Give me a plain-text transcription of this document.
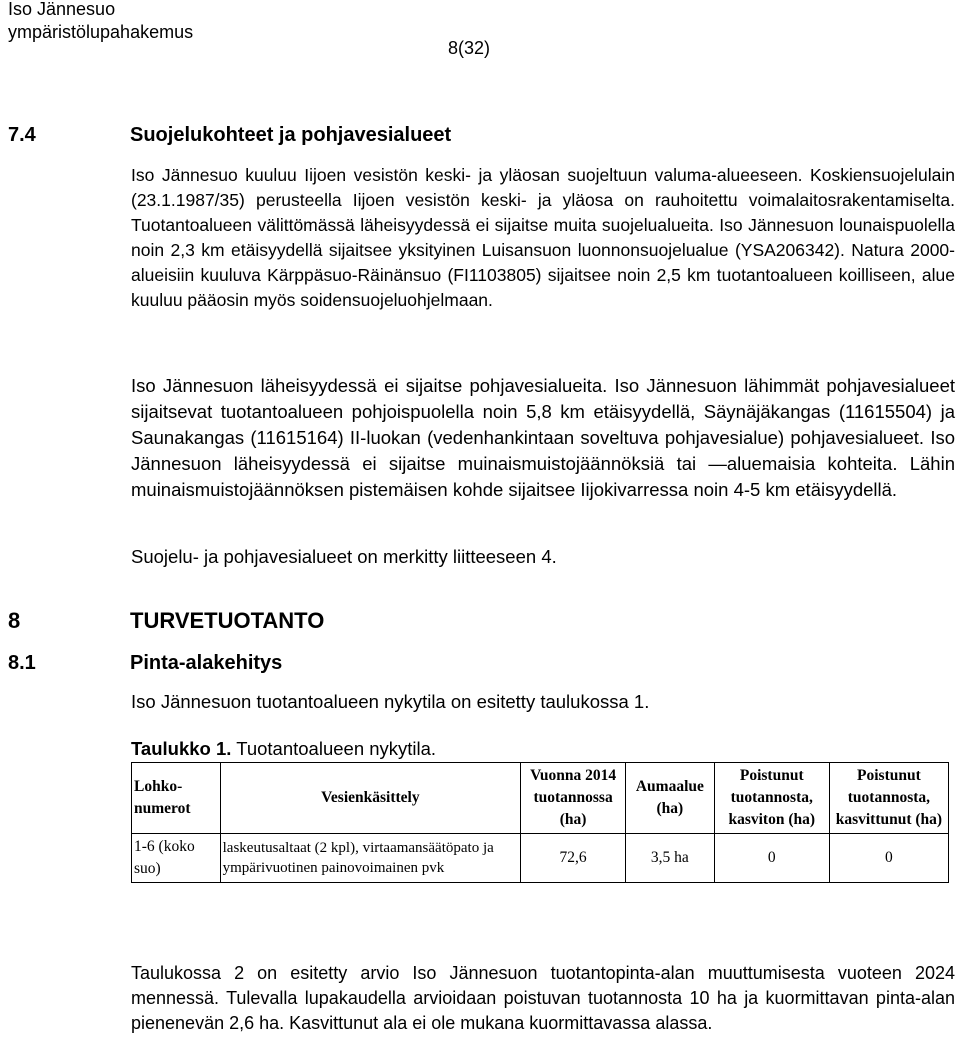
Iso Jännesuo
ympäristölupahakemus
8(32)
7.4	Suojelukohteet ja pohjavesialueet

Iso Jännesuo kuuluu Iijoen vesistön keski- ja yläosan suojeltuun valuma-alueeseen. Koskiensuojelulain (23.1.1987/35) perusteella Iijoen vesistön keski- ja yläosa on rauhoitettu voimalaitosrakentamiselta. Tuotantoalueen välittömässä läheisyydessä ei sijaitse muita suojelualueita. Iso Jännesuon lounaispuolella noin 2,3 km etäisyydellä sijaitsee yksityinen Luisansuon luonnonsuojelualue (YSA206342). Natura 2000-alueisiin kuuluva Kärppäsuo-Räinänsuo (FI1103805) sijaitsee noin 2,5 km tuotantoalueen koilliseen, alue kuuluu pääosin myös soidensuojeluohjelmaan.

Iso Jännesuon läheisyydessä ei sijaitse pohjavesialueita. Iso Jännesuon lähimmät pohjavesialueet sijaitsevat tuotantoalueen pohjoispuolella noin 5,8 km etäisyydellä, Säynäjäkangas (11615504) ja Saunakangas (11615164) II-luokan (vedenhankintaan soveltuva pohjavesialue) pohjavesialueet. Iso Jännesuon läheisyydessä ei sijaitse muinaismuistojäännöksiä tai —aluemaisia kohteita. Lähin muinaismuistojäännöksen pistemäisen kohde sijaitsee Iijokivarressa noin 4-5 km etäisyydellä.

Suojelu- ja pohjavesialueet on merkitty liitteeseen 4.

8	TURVETUOTANTO
8.1	Pinta-alakehitys

Iso Jännesuon tuotantoalueen nykytila on esitetty taulukossa 1.

Taulukko 1. Tuotantoalueen nykytila.
Lohko-numerot	Vesienkäsittely	Vuonna 2014 tuotannossa (ha)	Aumaalue (ha)	Poistunut tuotannosta, kasviton (ha)	Poistunut tuotannosta, kasvittunut (ha)
1-6 (koko suo)	laskeutusaltaat (2 kpl), virtaamansäätöpato ja ympärivuotinen painovoimainen pvk	72,6	3,5 ha	0	0

Taulukossa 2 on esitetty arvio Iso Jännesuon tuotantopinta-alan muuttumisesta vuoteen 2024 mennessä. Tulevalla lupakaudella arvioidaan poistuvan tuotannosta 10 ha ja kuormittavan pinta-alan pienenevän 2,6 ha. Kasvittunut ala ei ole mukana kuormittavassa alassa.
